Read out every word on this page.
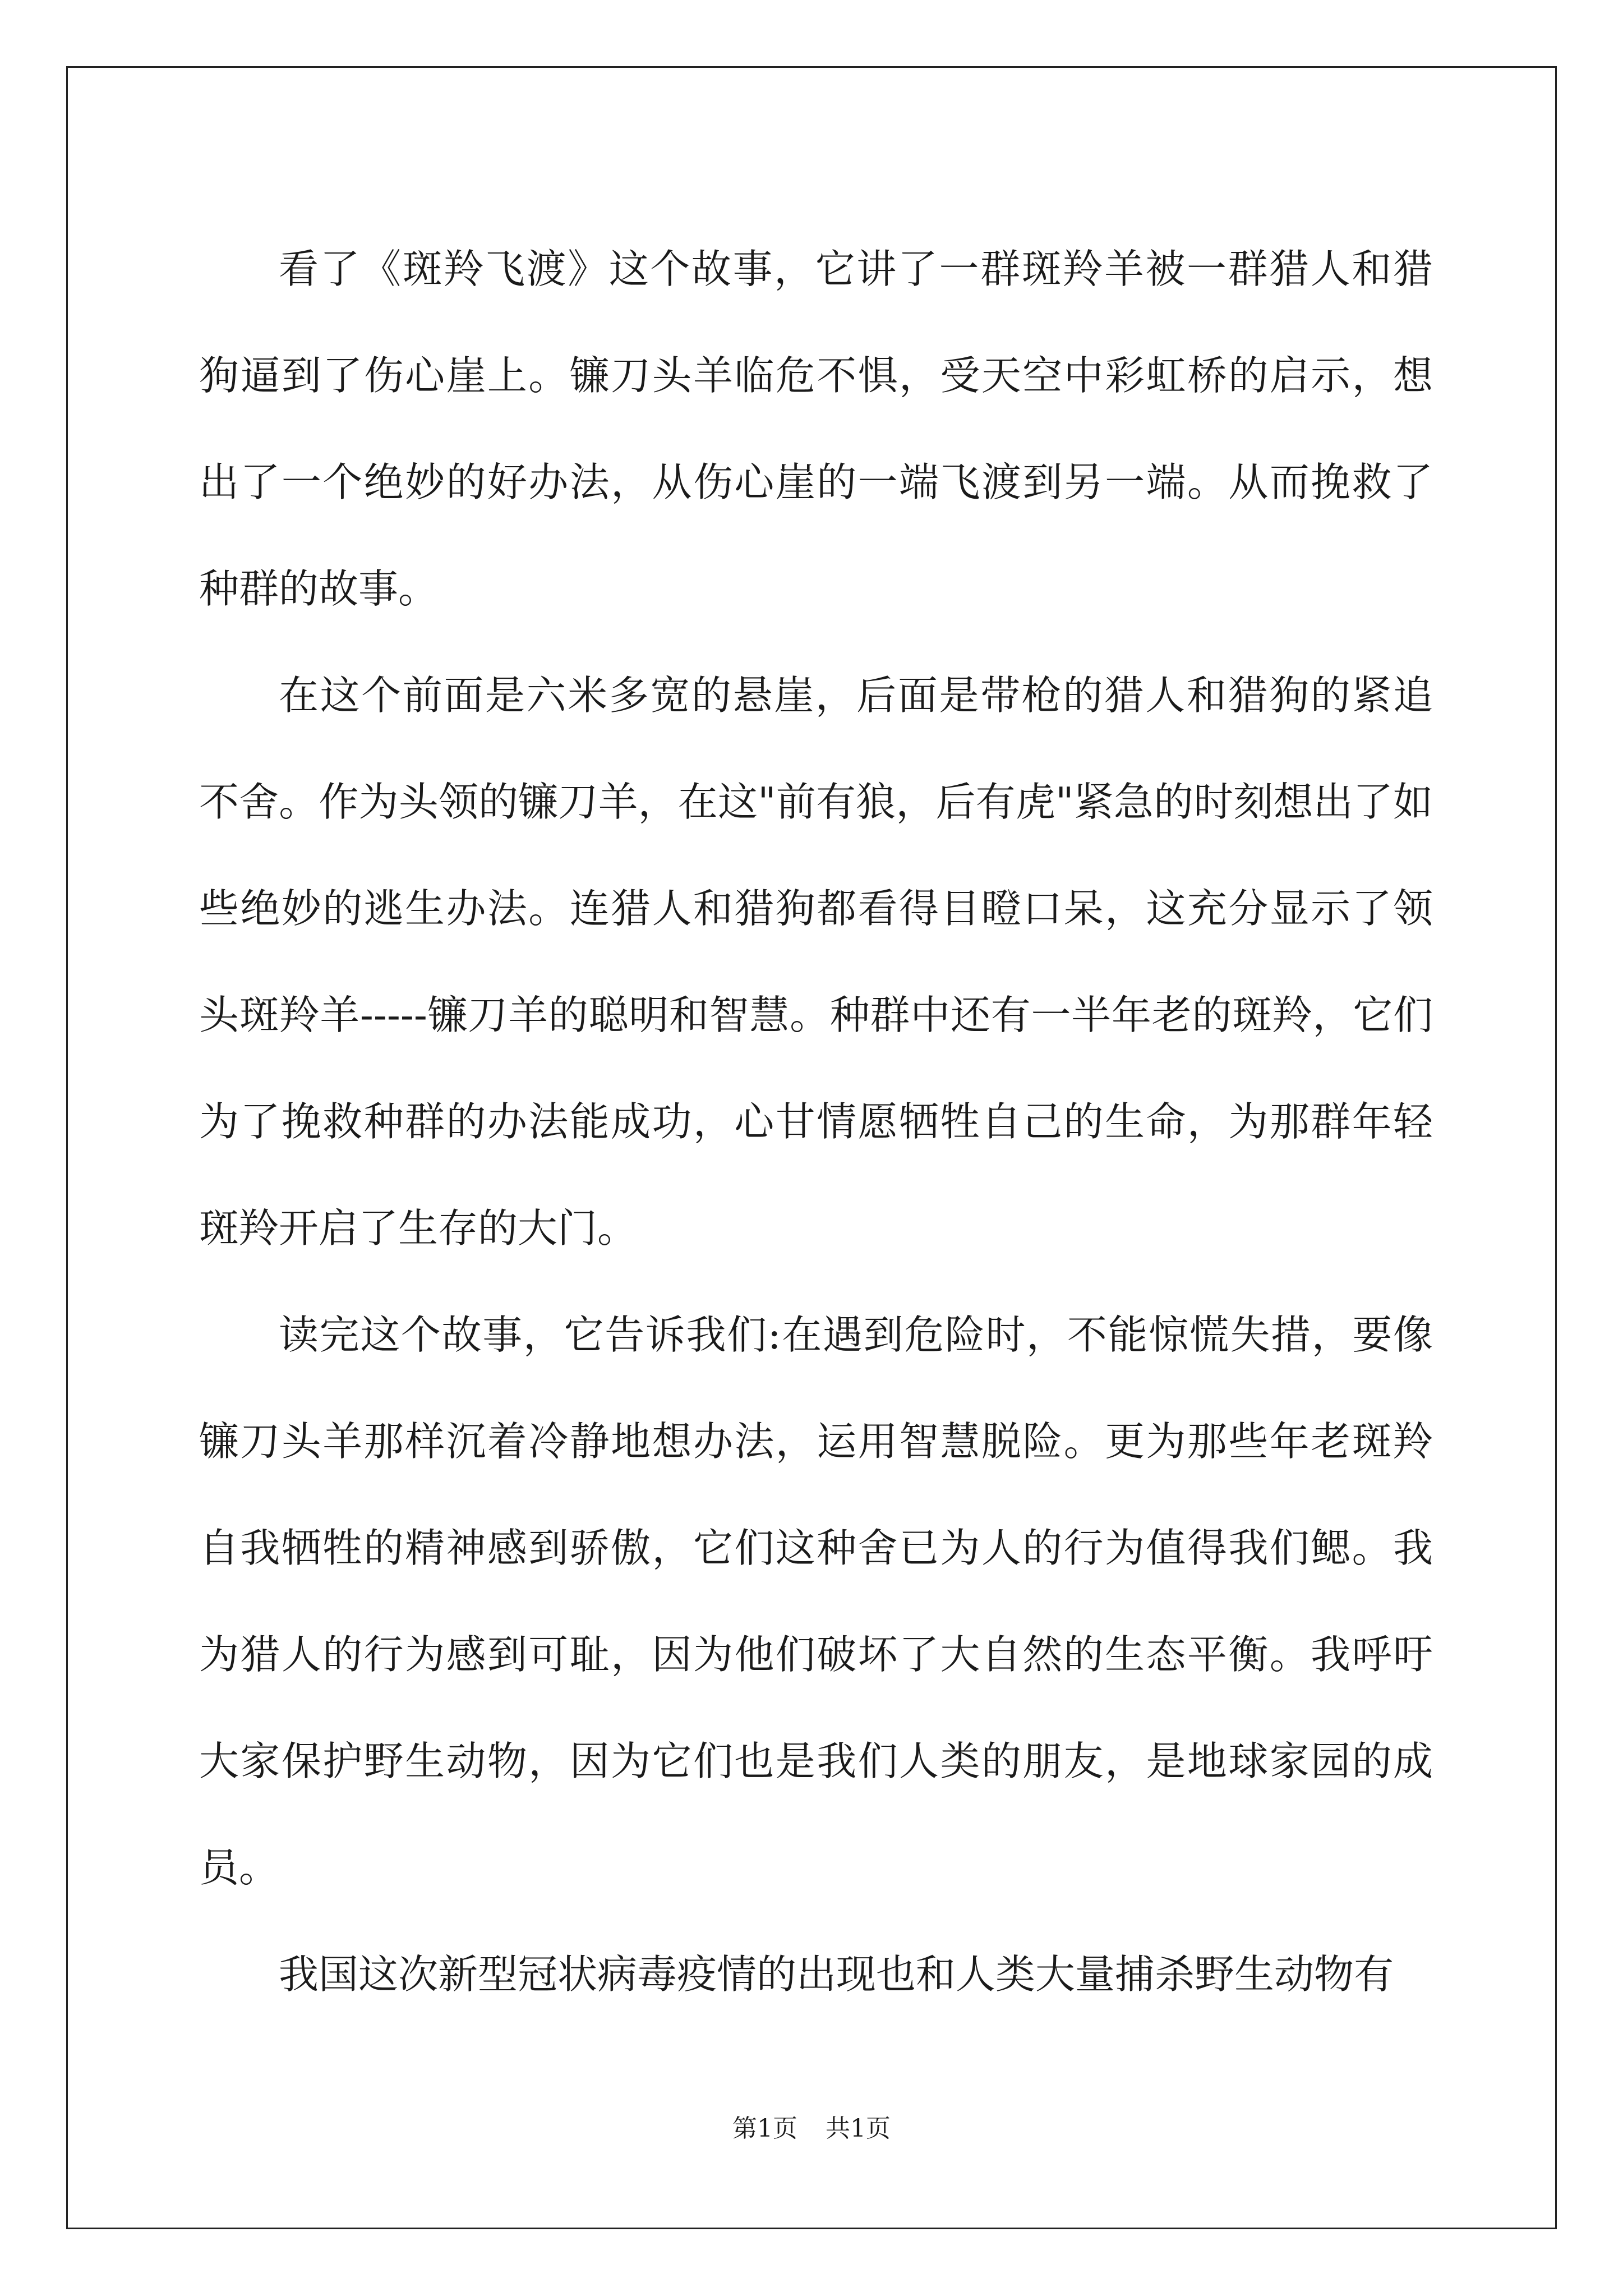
看了《斑羚飞渡》这个故事，它讲了一群斑羚羊被一群猎人和猎狗逼到了伤心崖上。镰刀头羊临危不惧，受天空中彩虹桥的启示，想出了一个绝妙的好办法，从伤心崖的一端飞渡到另一端。从而挽救了种群的故事。

在这个前面是六米多宽的悬崖，后面是带枪的猎人和猎狗的紧追不舍。作为头领的镰刀羊，在这"前有狼，后有虎"紧急的时刻想出了如些绝妙的逃生办法。连猎人和猎狗都看得目瞪口呆，这充分显示了领头斑羚羊-----镰刀羊的聪明和智慧。种群中还有一半年老的斑羚，它们为了挽救种群的办法能成功，心甘情愿牺牲自己的生命，为那群年轻斑羚开启了生存的大门。

读完这个故事，它告诉我们:在遇到危险时，不能惊慌失措，要像镰刀头羊那样沉着冷静地想办法，运用智慧脱险。更为那些年老斑羚自我牺牲的精神感到骄傲，它们这种舍已为人的行为值得我们鳃。我为猎人的行为感到可耻，因为他们破坏了大自然的生态平衡。我呼吁大家保护野生动物，因为它们也是我们人类的朋友，是地球家园的成员。

我国这次新型冠状病毒疫情的出现也和人类大量捕杀野生动物有

第1页 共1页
